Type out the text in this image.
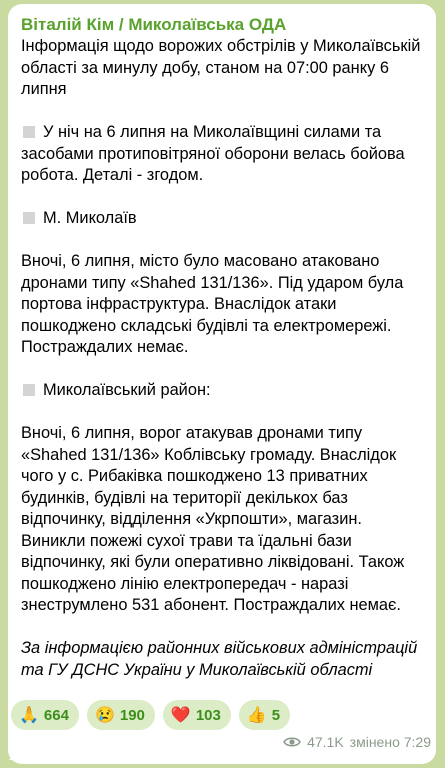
Віталій Кім / Миколаївська ОДА

Інформація щодо ворожих обстрілів у Миколаївській області за минулу добу, станом на 07:00 ранку 6 липня

У ніч на 6 липня на Миколаївщині силами та засобами протиповітряної оборони велась бойова робота. Деталі - згодом.

М. Миколаїв

Вночі, 6 липня, місто було масовано атаковано дронами типу «Shahed 131/136». Під ударом була портова інфраструктура. Внаслідок атаки пошкоджено складські будівлі та електромережі. Постраждалих немає.

Миколаївський район:

Вночі, 6 липня, ворог атакував дронами типу «Shahed 131/136» Коблівську громаду. Внаслідок чого у с. Рибаківка пошкоджено 13 приватних будинків, будівлі на території декількох баз відпочинку, відділення «Укрпошти», магазин. Виникли пожежі сухої трави та їдальні бази відпочинку, які були оперативно ліквідовані. Також пошкоджено лінію електропередач - наразі знеструмлено 531 абонент. Постраждалих немає.

За інформацією районних військових адміністрацій та ГУ ДСНС України у Миколаївській області

🙏 664 😢 190 ❤️ 103 👍 5
47.1K змінено 7:29
